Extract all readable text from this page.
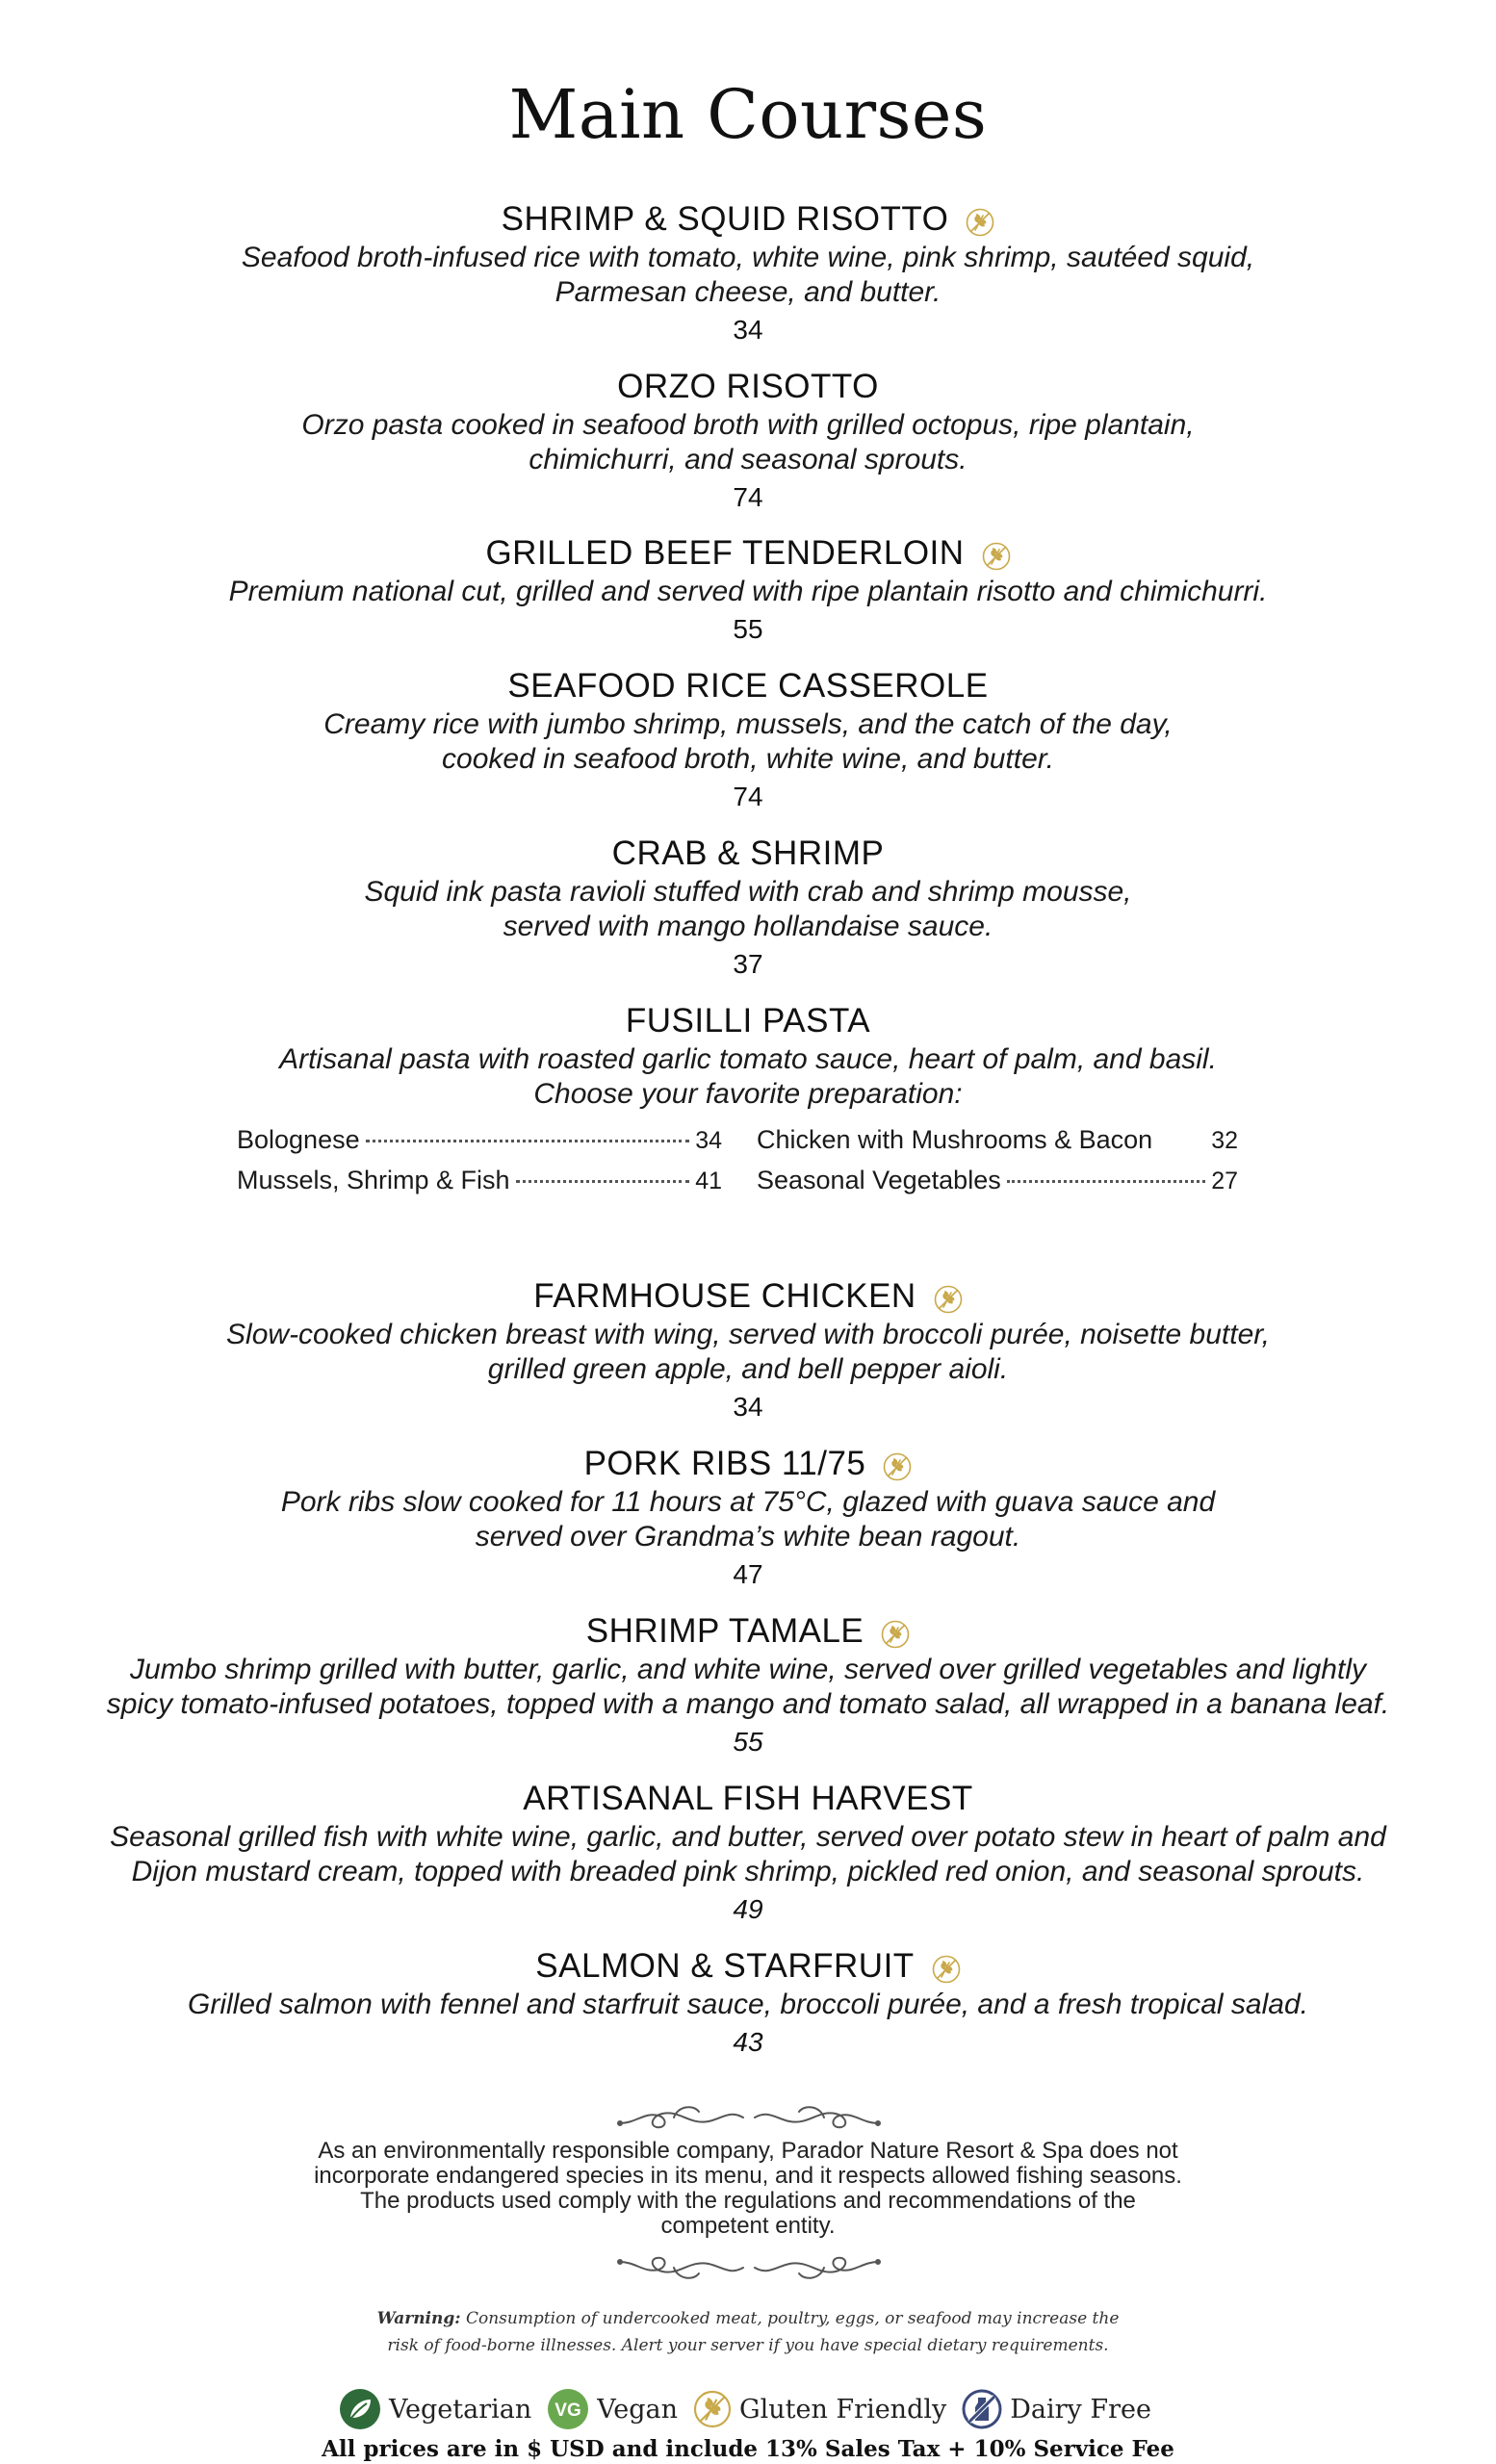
Main Courses
SHRIMP & SQUID RISOTTO
Seafood broth-infused rice with tomato, white wine, pink shrimp, sautéed squid,
Parmesan cheese, and butter.
34
ORZO RISOTTO
Orzo pasta cooked in seafood broth with grilled octopus, ripe plantain,
chimichurri, and seasonal sprouts.
74
GRILLED BEEF TENDERLOIN
Premium national cut, grilled and served with ripe plantain risotto and chimichurri.
55
SEAFOOD RICE CASSEROLE
Creamy rice with jumbo shrimp, mussels, and the catch of the day,
cooked in seafood broth, white wine, and butter.
74
CRAB & SHRIMP
Squid ink pasta ravioli stuffed with crab and shrimp mousse,
served with mango hollandaise sauce.
37
FUSILLI PASTA
Artisanal pasta with roasted garlic tomato sauce, heart of palm, and basil.
Choose your favorite preparation:
Bolognese	34 Chicken with Mushrooms & Bacon 32
Mussels, Shrimp & Fish	41 Seasonal Vegetables	27
FARMHOUSE CHICKEN
Slow-cooked chicken breast with wing, served with broccoli purée, noisette butter,
grilled green apple, and bell pepper aioli.
34
PORK RIBS 11/75
Pork ribs slow cooked for 11 hours at 75°C, glazed with guava sauce and
served over Grandma’s white bean ragout.
47
SHRIMP TAMALE
Jumbo shrimp grilled with butter, garlic, and white wine, served over grilled vegetables and lightly
spicy tomato-infused potatoes, topped with a mango and tomato salad, all wrapped in a banana leaf.
55
ARTISANAL FISH HARVEST
Seasonal grilled fish with white wine, garlic, and butter, served over potato stew in heart of palm and
Dijon mustard cream, topped with breaded pink shrimp, pickled red onion, and seasonal sprouts.
49
SALMON & STARFRUIT
Grilled salmon with fennel and starfruit sauce, broccoli purée, and a fresh tropical salad.
43
As an environmentally responsible company, Parador Nature Resort & Spa does not
incorporate endangered species in its menu, and it respects allowed fishing seasons.
The products used comply with the regulations and recommendations of the
competent entity.
Warning: Consumption of undercooked meat, poultry, eggs, or seafood may increase the
risk of food-borne illnesses. Alert your server if you have special dietary requirements.
Vegetarian VG Vegan Gluten Friendly Dairy Free
All prices are in $ USD and include 13% Sales Tax + 10% Service Fee
